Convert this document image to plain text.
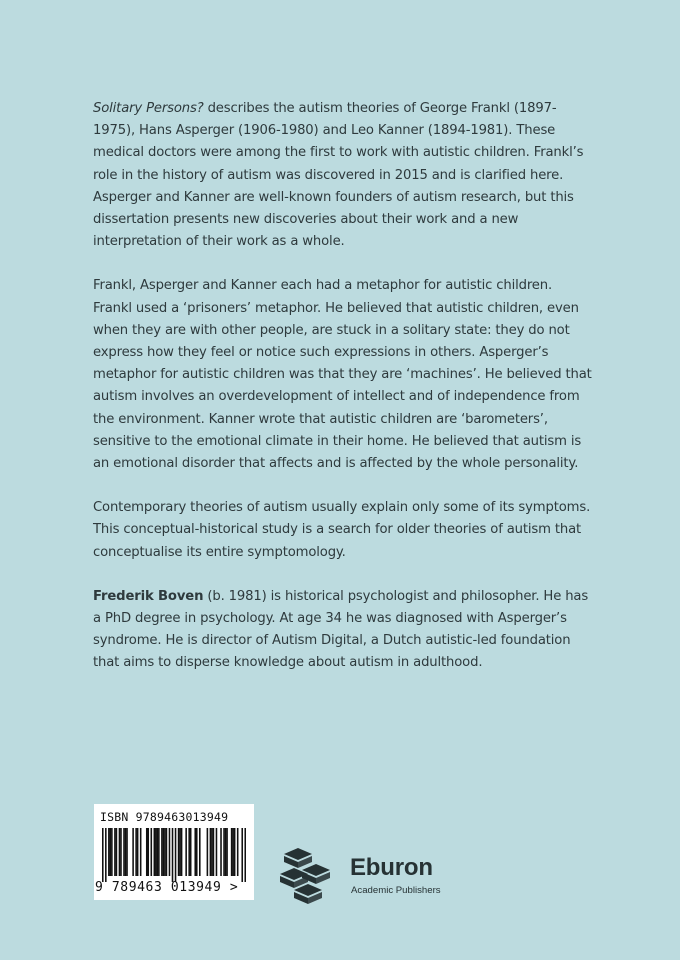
Solitary Persons? describes the autism theories of George Frankl (1897-1975), Hans Asperger (1906-1980) and Leo Kanner (1894-1981). These medical doctors were among the first to work with autistic children. Frankl’s role in the history of autism was discovered in 2015 and is clarified here. Asperger and Kanner are well-known founders of autism research, but this dissertation presents new discoveries about their work and a new interpretation of their work as a whole.

Frankl, Asperger and Kanner each had a metaphor for autistic children. Frankl used a ‘prisoners’ metaphor. He believed that autistic children, even when they are with other people, are stuck in a solitary state: they do not express how they feel or notice such expressions in others. Asperger’s metaphor for autistic children was that they are ‘machines’. He believed that autism involves an overdevelopment of intellect and of independence from the environment. Kanner wrote that autistic children are ‘barometers’, sensitive to the emotional climate in their home. He believed that autism is an emotional disorder that affects and is affected by the whole personality.

Contemporary theories of autism usually explain only some of its symptoms. This conceptual-historical study is a search for older theories of autism that conceptualise its entire symptomology.

Frederik Boven (b. 1981) is historical psychologist and philosopher. He has a PhD degree in psychology. At age 34 he was diagnosed with Asperger’s syndrome. He is director of Autism Digital, a Dutch autistic-led foundation that aims to disperse knowledge about autism in adulthood.

ISBN 9789463013949
9 789463 013949 >
Eburon
Academic Publishers
